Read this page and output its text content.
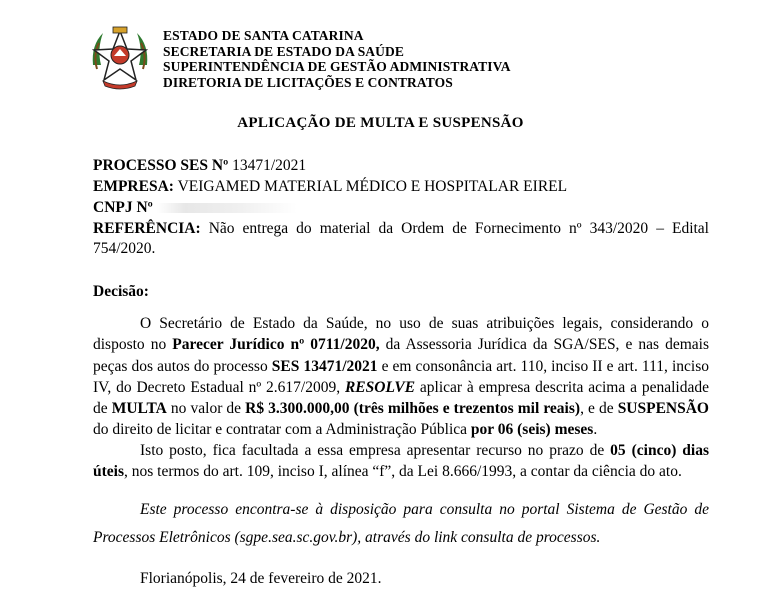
ESTADO DE SANTA CATARINA
SECRETARIA DE ESTADO DA SAÚDE
SUPERINTENDÊNCIA DE GESTÃO ADMINISTRATIVA
DIRETORIA DE LICITAÇÕES E CONTRATOS
APLICAÇÃO DE MULTA E SUSPENSÃO
PROCESSO SES Nº 13471/2021
EMPRESA: VEIGAMED MATERIAL MÉDICO E HOSPITALAR EIREL
CNPJ Nº
REFERÊNCIA: Não entrega do material da Ordem de Fornecimento nº 343/2020 – Edital 754/2020.
Decisão:
O Secretário de Estado da Saúde, no uso de suas atribuições legais, considerando o disposto no Parecer Jurídico nº 0711/2020, da Assessoria Jurídica da SGA/SES, e nas demais peças dos autos do processo SES 13471/2021 e em consonância art. 110, inciso II e art. 111, inciso IV, do Decreto Estadual nº 2.617/2009, RESOLVE aplicar à empresa descrita acima a penalidade de MULTA no valor de R$ 3.300.000,00 (três milhões e trezentos mil reais), e de SUSPENSÃO do direito de licitar e contratar com a Administração Pública por 06 (seis) meses.
Isto posto, fica facultada a essa empresa apresentar recurso no prazo de 05 (cinco) dias úteis, nos termos do art. 109, inciso I, alínea “f”, da Lei 8.666/1993, a contar da ciência do ato.
Este processo encontra-se à disposição para consulta no portal Sistema de Gestão de Processos Eletrônicos (sgpe.sea.sc.gov.br), através do link consulta de processos.
Florianópolis, 24 de fevereiro de 2021.
